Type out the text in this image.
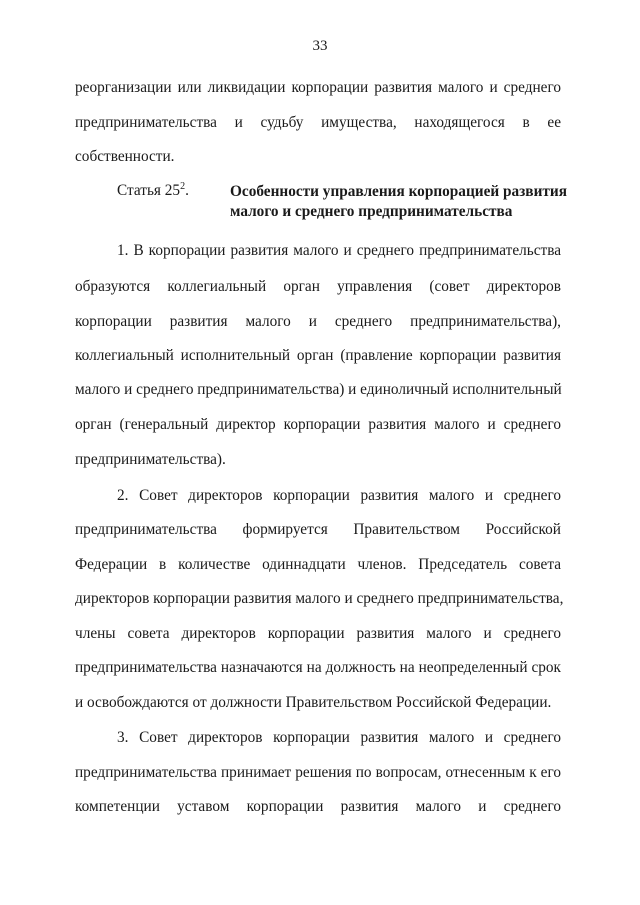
33
реорганизации или ликвидации корпорации развития малого и среднего
предпринимательства и судьбу имущества, находящегося в ее
собственности.
Статья $25^2$.	Особенности управления корпорацией развития
малого и среднего предпринимательства
1. В корпорации развития малого и среднего предпринимательства
образуются коллегиальный орган управления (совет директоров
корпорации развития малого и среднего предпринимательства),
коллегиальный исполнительный орган (правление корпорации развития
малого и среднего предпринимательства) и единоличный исполнительный
орган (генеральный директор корпорации развития малого и среднего
предпринимательства).
2. Совет директоров корпорации развития малого и среднего
предпринимательства формируется Правительством Российской
Федерации в количестве одиннадцати членов. Председатель совета
директоров корпорации развития малого и среднего предпринимательства,
члены совета директоров корпорации развития малого и среднего
предпринимательства назначаются на должность на неопределенный срок
и освобождаются от должности Правительством Российской Федерации.
3. Совет директоров корпорации развития малого и среднего
предпринимательства принимает решения по вопросам, отнесенным к его
компетенции уставом корпорации развития малого и среднего
